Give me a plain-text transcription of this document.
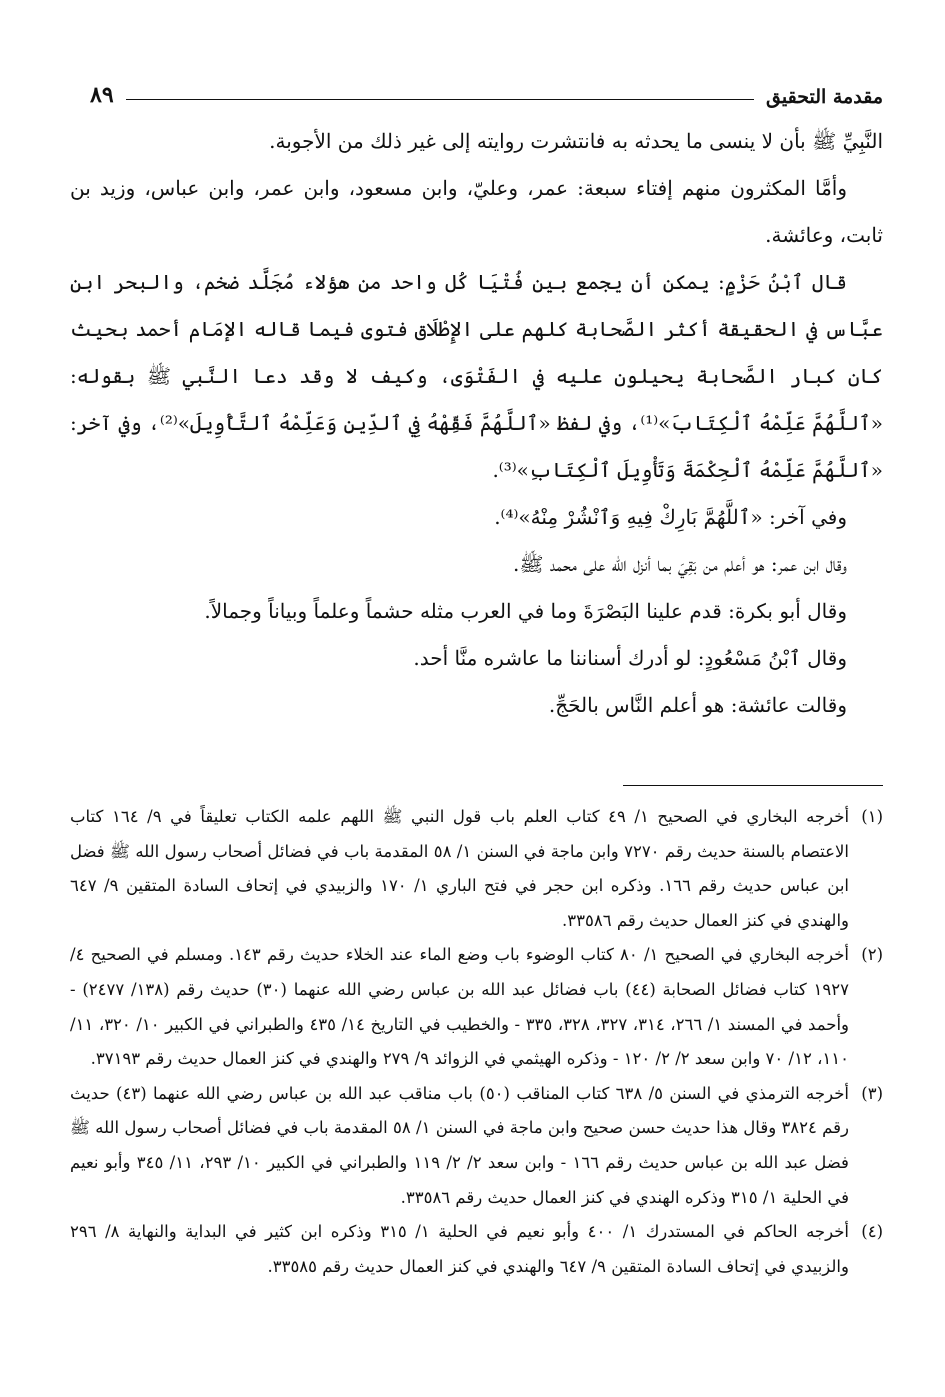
مقدمة التحقيق
٨٩

النَّبِيِّ ﷺ بأن لا ينسى ما يحدثه به فانتشرت روايته إلى غير ذلك من الأجوبة.

وأمَّا المكثرون منهم إفتاء سبعة: عمر، وعليّ، وابن مسعود، وابن عمر، وابن عباس، وزيد بن ثابت، وعائشة.

قال ٱبْنُ حَزْمٍ: يمكن أن يجمع بين فُتْيَا كُل واحد من هؤلاء مُجَلَّد ضخم، والبحر ابن عبَّاس في الحقيقة أكثر الصَّحابة كلهم على الإِطْلَاق فتوى فيما قاله الإمَام أحمد بحيث كان كبار الصَّحابة يحيلون عليه في الفَتْوَى، وكيف لا وقد دعا النَّبي ﷺ بقوله: «ٱللَّهُمَّ عَلِّمْهُ ٱلْكِتَابَ»⁽¹⁾، وفي لفظ «ٱللَّهُمَّ فَقِّهْهُ فِي ٱلدِّينِ وَعَلِّمْهُ ٱلتَّأْوِيلَ»⁽²⁾، وفي آخر: «ٱللَّهُمَّ عَلِّمْهُ ٱلْحِكْمَةَ وَتَأْوِيلَ ٱلْكِتَابِ»⁽³⁾.

وفي آخر: «ٱللَّهُمَّ بَارِكْ فِيهِ وَٱنْشُرْ مِنْهُ»⁽⁴⁾.

وقال ابن عمر: هو أعلم من بَقِيَ بما أنزل الله على محمد ﷺ.

وقال أبو بكرة: قدم علينا البَصْرَةَ وما في العرب مثله حشماً وعلماً وبياناً وجمالاً.

وقال ٱبْنُ مَسْعُودٍ: لو أدرك أسناننا ما عاشره منَّا أحد.

وقالت عائشة: هو أعلم النَّاس بالحَجِّ.

(١)
أخرجه البخاري في الصحيح ١/ ٤٩ كتاب العلم باب قول النبي ﷺ اللهم علمه الكتاب تعليقاً في ٩/ ١٦٤ كتاب الاعتصام بالسنة حديث رقم ٧٢٧٠ وابن ماجة في السنن ١/ ٥٨ المقدمة باب في فضائل أصحاب رسول الله ﷺ فضل ابن عباس حديث رقم ١٦٦. وذكره ابن حجر في فتح الباري ١/ ١٧٠ والزبيدي في إتحاف السادة المتقين ٩/ ٦٤٧ والهندي في كنز العمال حديث رقم ٣٣٥٨٦.
(٢)
أخرجه البخاري في الصحيح ١/ ٨٠ كتاب الوضوء باب وضع الماء عند الخلاء حديث رقم ١٤٣. ومسلم في الصحيح ٤/ ١٩٢٧ كتاب فضائل الصحابة (٤٤) باب فضائل عبد الله بن عباس رضي الله عنهما (٣٠) حديث رقم (١٣٨/ ٢٤٧٧) - وأحمد في المسند ١/ ٢٦٦، ٣١٤، ٣٢٧، ٣٢٨، ٣٣٥ - والخطيب في التاريخ ١٤/ ٤٣٥ والطبراني في الكبير ١٠/ ٣٢٠، ١١/ ١١٠، ١٢/ ٧٠ وابن سعد ٢/ ٢/ ١٢٠ - وذكره الهيثمي في الزوائد ٩/ ٢٧٩ والهندي في كنز العمال حديث رقم ٣٧١٩٣.
(٣)
أخرجه الترمذي في السنن ٥/ ٦٣٨ كتاب المناقب (٥٠) باب مناقب عبد الله بن عباس رضي الله عنهما (٤٣) حديث رقم ٣٨٢٤ وقال هذا حديث حسن صحيح وابن ماجة في السنن ١/ ٥٨ المقدمة باب في فضائل أصحاب رسول الله ﷺ فضل عبد الله بن عباس حديث رقم ١٦٦ - وابن سعد ٢/ ٢/ ١١٩ والطبراني في الكبير ١٠/ ٢٩٣، ١١/ ٣٤٥ وأبو نعيم في الحلية ١/ ٣١٥ وذكره الهندي في كنز العمال حديث رقم ٣٣٥٨٦.
(٤)
أخرجه الحاكم في المستدرك ١/ ٤٠٠ وأبو نعيم في الحلية ١/ ٣١٥ وذكره ابن كثير في البداية والنهاية ٨/ ٢٩٦ والزبيدي في إتحاف السادة المتقين ٩/ ٦٤٧ والهندي في كنز العمال حديث رقم ٣٣٥٨٥.
